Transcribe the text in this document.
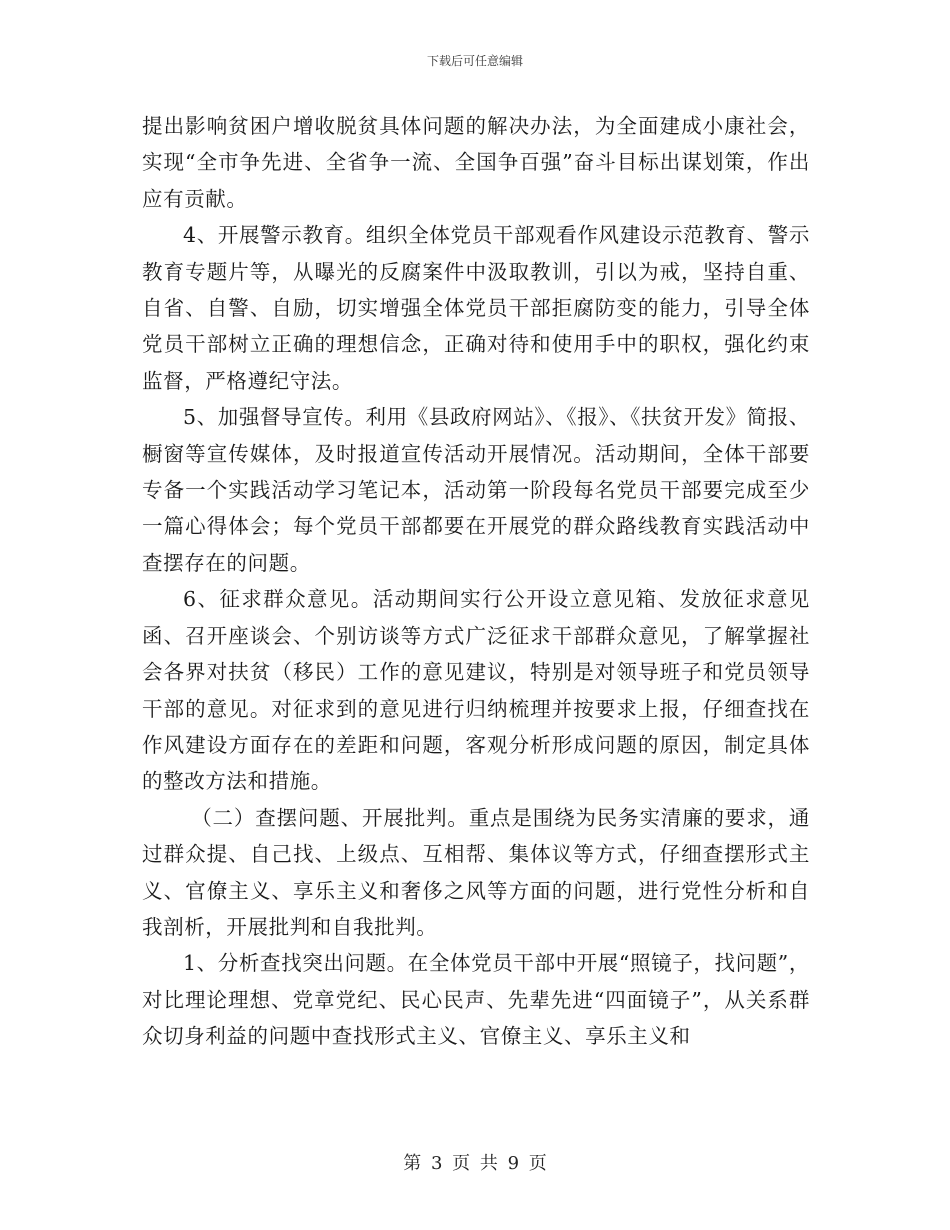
下载后可任意编辑

提出影响贫困户增收脱贫具体问题的解决办法，为全面建成小康社会，实现“全市争先进、全省争一流、全国争百强”奋斗目标出谋划策，作出应有贡献。

4、开展警示教育。组织全体党员干部观看作风建设示范教育、警示教育专题片等，从曝光的反腐案件中汲取教训，引以为戒，坚持自重、自省、自警、自励，切实增强全体党员干部拒腐防变的能力，引导全体党员干部树立正确的理想信念，正确对待和使用手中的职权，强化约束监督，严格遵纪守法。

5、加强督导宣传。利用《县政府网站》、《报》、《扶贫开发》简报、橱窗等宣传媒体，及时报道宣传活动开展情况。活动期间，全体干部要专备一个实践活动学习笔记本，活动第一阶段每名党员干部要完成至少一篇心得体会；每个党员干部都要在开展党的群众路线教育实践活动中查摆存在的问题。

6、征求群众意见。活动期间实行公开设立意见箱、发放征求意见函、召开座谈会、个别访谈等方式广泛征求干部群众意见，了解掌握社会各界对扶贫（移民）工作的意见建议，特别是对领导班子和党员领导干部的意见。对征求到的意见进行归纳梳理并按要求上报，仔细查找在作风建设方面存在的差距和问题，客观分析形成问题的原因，制定具体的整改方法和措施。

（二）查摆问题、开展批判。重点是围绕为民务实清廉的要求，通过群众提、自己找、上级点、互相帮、集体议等方式，仔细查摆形式主义、官僚主义、享乐主义和奢侈之风等方面的问题，进行党性分析和自我剖析，开展批判和自我批判。

1、分析查找突出问题。在全体党员干部中开展“照镜子，找问题”，对比理论理想、党章党纪、民心民声、先辈先进“四面镜子”，从关系群众切身利益的问题中查找形式主义、官僚主义、享乐主义和

第 3 页 共 9 页
